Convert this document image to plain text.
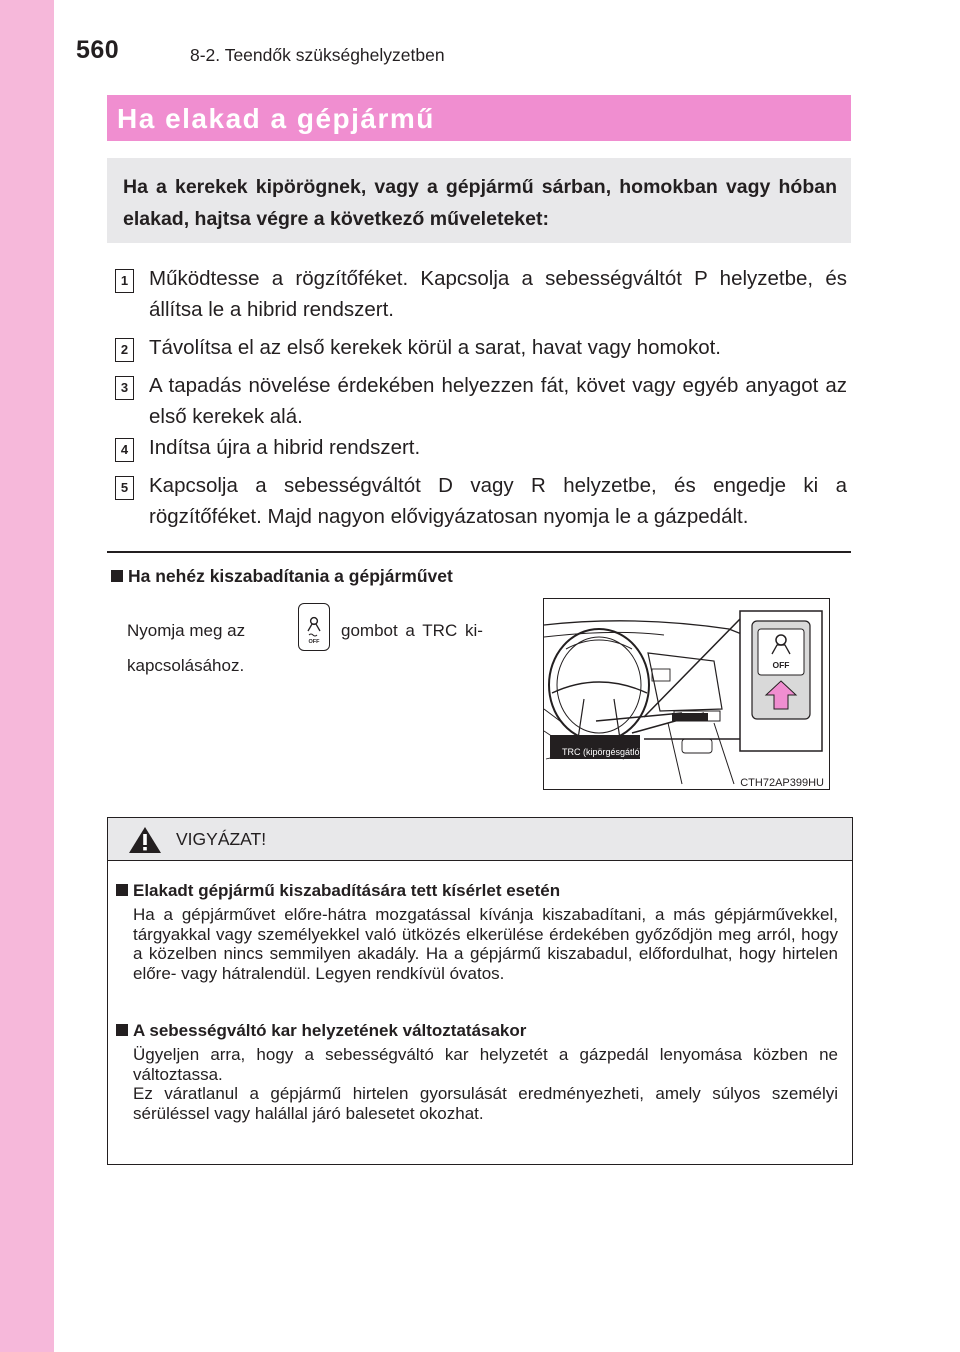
560	8-2. Teendők szükséghelyzetben
Ha elakad a gépjármű
Ha a kerekek kipörögnek, vagy a gépjármű sárban, homokban vagy hóban elakad, hajtsa végre a következő műveleteket:
1 Működtesse a rögzítőféket. Kapcsolja a sebességváltót P helyzetbe, és állítsa le a hibrid rendszert.
2 Távolítsa el az első kerekek körül a sarat, havat vagy homokot.
3 A tapadás növelése érdekében helyezzen fát, követ vagy egyéb anyagot az első kerekek alá.
4 Indítsa újra a hibrid rendszert.
5 Kapcsolja a sebességváltót D vagy R helyzetbe, és engedje ki a rögzítőféket. Majd nagyon elővigyázatosan nyomja le a gázpedált.
Ha nehéz kiszabadítania a gépjárművet
Nyomja meg az
OFF
gombot a TRC ki-
kapcsolásához.	OFF
TRC (kipörgésgátló) KI
CTH72AP399HU
VIGYÁZAT!
Elakadt gépjármű kiszabadítására tett kísérlet esetén

Ha a gépjárművet előre-hátra mozgatással kívánja kiszabadítani, a más gépjárművekkel, tárgyakkal vagy személyekkel való ütközés elkerülése érdekében győződjön meg arról, hogy a közelben nincs semmilyen akadály. Ha a gépjármű kiszabadul, előfordulhat, hogy hirtelen előre- vagy hátralendül. Legyen rendkívül óvatos.

A sebességváltó kar helyzetének változtatásakor

Ügyeljen arra, hogy a sebességváltó kar helyzetét a gázpedál lenyomása közben ne változtassa.

Ez váratlanul a gépjármű hirtelen gyorsulását eredményezheti, amely súlyos személyi sérüléssel vagy halállal járó balesetet okozhat.
